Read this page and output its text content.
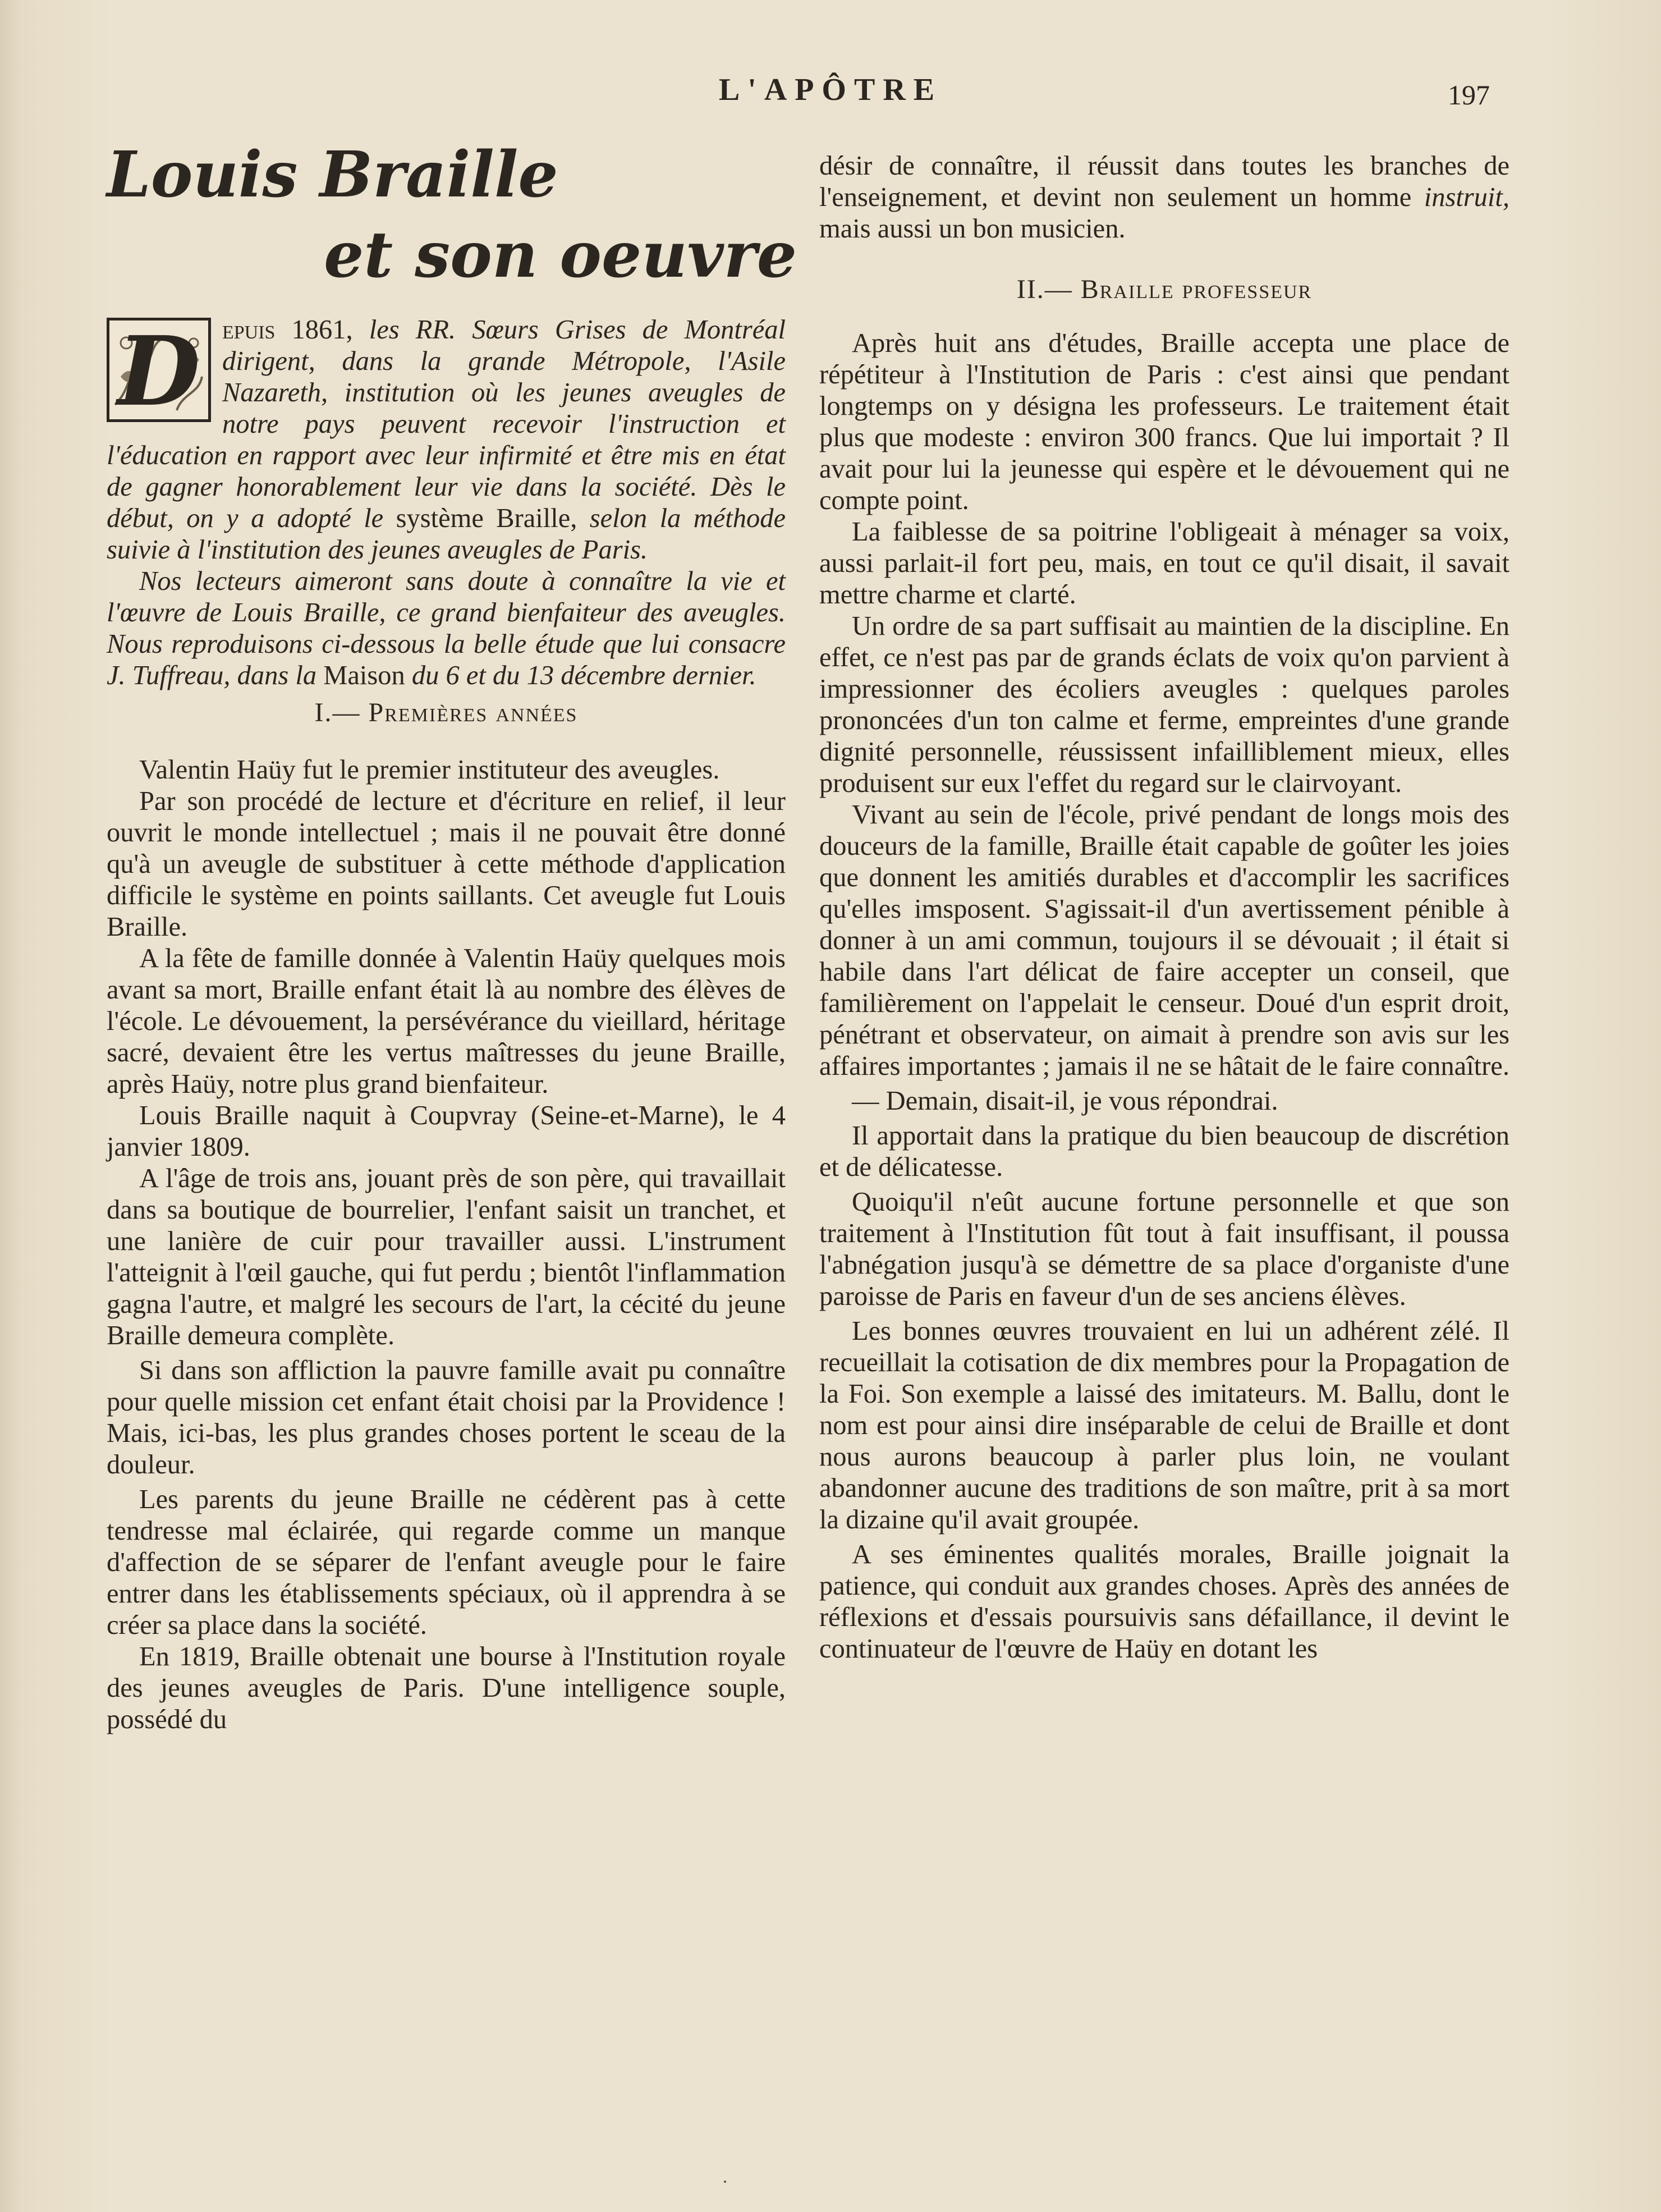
L'APÔTRE	197
Louis Braille
et son oeuvre

D epuis 1861, les RR. Sœurs Grises de Montréal dirigent, dans la grande Métropole, l'Asile Nazareth, institution où les jeunes aveugles de notre pays peuvent recevoir l'instruction et l'éducation en rapport avec leur infirmité et être mis en état de gagner honorablement leur vie dans la société. Dès le début, on y a adopté le système Braille, selon la méthode suivie à l'institution des jeunes aveugles de Paris.

Nos lecteurs aimeront sans doute à connaître la vie et l'œuvre de Louis Braille, ce grand bienfaiteur des aveugles. Nous reproduisons ci-dessous la belle étude que lui consacre J. Tuffreau, dans la Maison du 6 et du 13 décembre dernier.

I.— Premières années

Valentin Haüy fut le premier instituteur des aveugles.

Par son procédé de lecture et d'écriture en relief, il leur ouvrit le monde intellectuel ; mais il ne pouvait être donné qu'à un aveugle de substituer à cette méthode d'application difficile le système en points saillants. Cet aveugle fut Louis Braille.

A la fête de famille donnée à Valentin Haüy quelques mois avant sa mort, Braille enfant était là au nombre des élèves de l'école. Le dévouement, la persévérance du vieillard, héritage sacré, devaient être les vertus maîtresses du jeune Braille, après Haüy, notre plus grand bienfaiteur.

Louis Braille naquit à Coupvray (Seine-et-Marne), le 4 janvier 1809.

A l'âge de trois ans, jouant près de son père, qui travaillait dans sa boutique de bourrelier, l'enfant saisit un tranchet, et une lanière de cuir pour travailler aussi. L'instrument l'atteignit à l'œil gauche, qui fut perdu ; bientôt l'inflammation gagna l'autre, et malgré les secours de l'art, la cécité du jeune Braille demeura complète.

Si dans son affliction la pauvre famille avait pu connaître pour quelle mission cet enfant était choisi par la Providence ! Mais, ici-bas, les plus grandes choses portent le sceau de la douleur.

Les parents du jeune Braille ne cédèrent pas à cette tendresse mal éclairée, qui regarde comme un manque d'affection de se séparer de l'enfant aveugle pour le faire entrer dans les établissements spéciaux, où il apprendra à se créer sa place dans la société.

En 1819, Braille obtenait une bourse à l'Institution royale des jeunes aveugles de Paris. D'une intelligence souple, possédé du

désir de connaître, il réussit dans toutes les branches de l'enseignement, et devint non seulement un homme instruit, mais aussi un bon musicien.

II.— Braille professeur

Après huit ans d'études, Braille accepta une place de répétiteur à l'Institution de Paris : c'est ainsi que pendant longtemps on y désigna les professeurs. Le traitement était plus que modeste : environ 300 francs. Que lui importait ? Il avait pour lui la jeunesse qui espère et le dévouement qui ne compte point.

La faiblesse de sa poitrine l'obligeait à ménager sa voix, aussi parlait-il fort peu, mais, en tout ce qu'il disait, il savait mettre charme et clarté.

Un ordre de sa part suffisait au maintien de la discipline. En effet, ce n'est pas par de grands éclats de voix qu'on parvient à impressionner des écoliers aveugles : quelques paroles prononcées d'un ton calme et ferme, empreintes d'une grande dignité personnelle, réussissent infailliblement mieux, elles produisent sur eux l'effet du regard sur le clairvoyant.

Vivant au sein de l'école, privé pendant de longs mois des douceurs de la famille, Braille était capable de goûter les joies que donnent les amitiés durables et d'accomplir les sacrifices qu'elles imsposent. S'agissait-il d'un avertissement pénible à donner à un ami commun, toujours il se dévouait ; il était si habile dans l'art délicat de faire accepter un conseil, que familièrement on l'appelait le censeur. Doué d'un esprit droit, pénétrant et observateur, on aimait à prendre son avis sur les affaires importantes ; jamais il ne se hâtait de le faire connaître.

— Demain, disait-il, je vous répondrai.

Il apportait dans la pratique du bien beaucoup de discrétion et de délicatesse.

Quoiqu'il n'eût aucune fortune personnelle et que son traitement à l'Institution fût tout à fait insuffisant, il poussa l'abnégation jusqu'à se démettre de sa place d'organiste d'une paroisse de Paris en faveur d'un de ses anciens élèves.

Les bonnes œuvres trouvaient en lui un adhérent zélé. Il recueillait la cotisation de dix membres pour la Propagation de la Foi. Son exemple a laissé des imitateurs. M. Ballu, dont le nom est pour ainsi dire inséparable de celui de Braille et dont nous aurons beaucoup à parler plus loin, ne voulant abandonner aucune des traditions de son maître, prit à sa mort la dizaine qu'il avait groupée.

A ses éminentes qualités morales, Braille joignait la patience, qui conduit aux grandes choses. Après des années de réflexions et d'essais poursuivis sans défaillance, il devint le continuateur de l'œuvre de Haüy en dotant les
